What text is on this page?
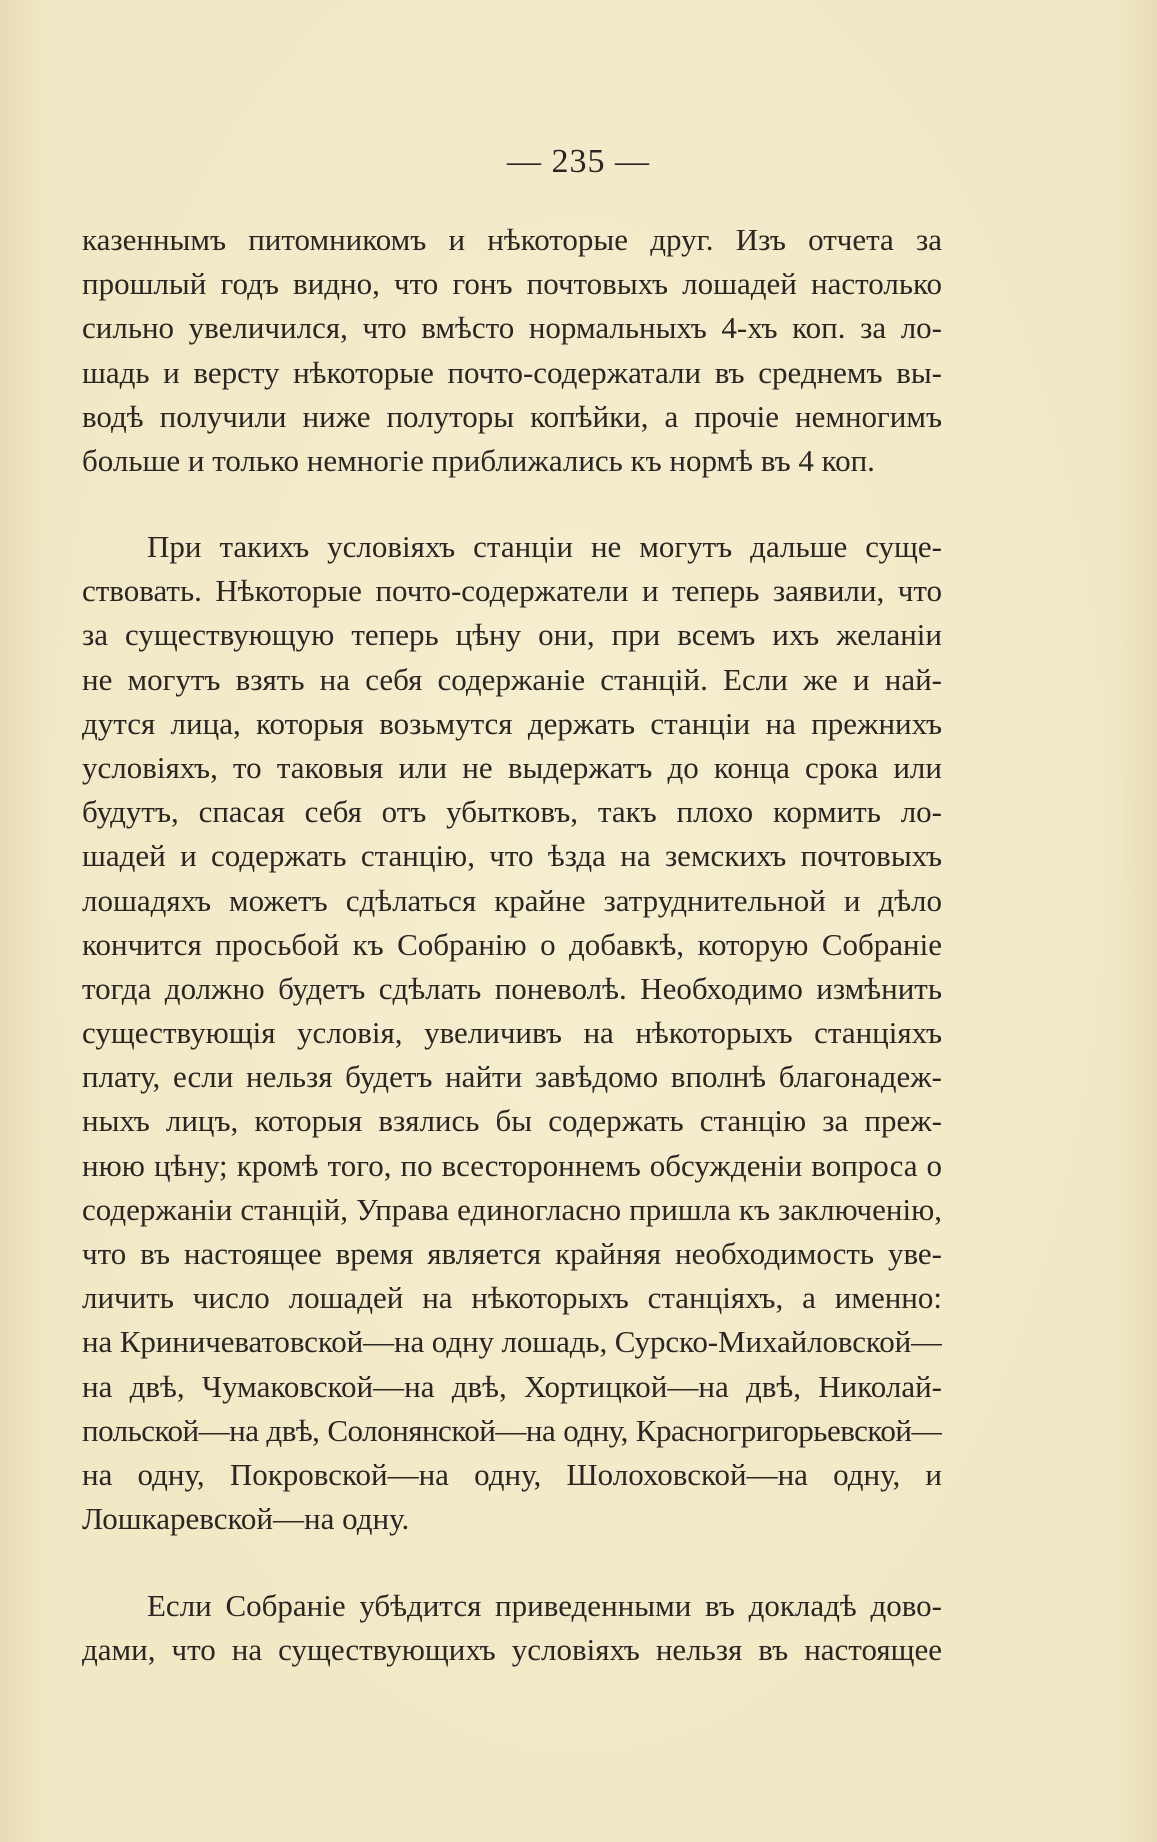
— 235 —
казеннымъ питомникомъ и нѣкоторые друг. Изъ отчета за
прошлый годъ видно, что гонъ почтовыхъ лошадей настолько
сильно увеличился, что вмѣсто нормальныхъ 4-хъ коп. за ло-
шадь и версту нѣкоторые почто-содержатали въ среднемъ вы-
водѣ получили ниже полуторы копѣйки, а прочіе немногимъ
больше и только немногіе приближались къ нормѣ въ 4 коп.
При такихъ условіяхъ станціи не могутъ дальше суще-
ствовать. Нѣкоторые почто-содержатели и теперь заявили, что
за существующую теперь цѣну они, при всемъ ихъ желаніи
не могутъ взять на себя содержаніе станцій. Если же и най-
дутся лица, которыя возьмутся держать станціи на прежнихъ
условіяхъ, то таковыя или не выдержатъ до конца срока или
будутъ, спасая себя отъ убытковъ, такъ плохо кормить ло-
шадей и содержать станцію, что ѣзда на земскихъ почтовыхъ
лошадяхъ можетъ сдѣлаться крайне затруднительной и дѣло
кончится просьбой къ Собранію о добавкѣ, которую Собраніе
тогда должно будетъ сдѣлать поневолѣ. Необходимо измѣнить
существующія условія, увеличивъ на нѣкоторыхъ станціяхъ
плату, если нельзя будетъ найти завѣдомо вполнѣ благонадеж-
ныхъ лицъ, которыя взялись бы содержать станцію за преж-
нюю цѣну; кромѣ того, по всестороннемъ обсужденіи вопроса о
содержаніи станцій, Управа единогласно пришла къ заключенію,
что въ настоящее время является крайняя необходимость уве-
личить число лошадей на нѣкоторыхъ станціяхъ, а именно:
на Криничеватовской—на одну лошадь, Сурско-Михайловской—
на двѣ, Чумаковской—на двѣ, Хортицкой—на двѣ, Николай-
польской—на двѣ, Солонянской—на одну, Красногригорьевской—
на одну, Покровской—на одну, Шолоховской—на одну, и
Лошкаревской—на одну.
Если Собраніе убѣдится приведенными въ докладѣ дово-
дами, что на существующихъ условіяхъ нельзя въ настоящее
